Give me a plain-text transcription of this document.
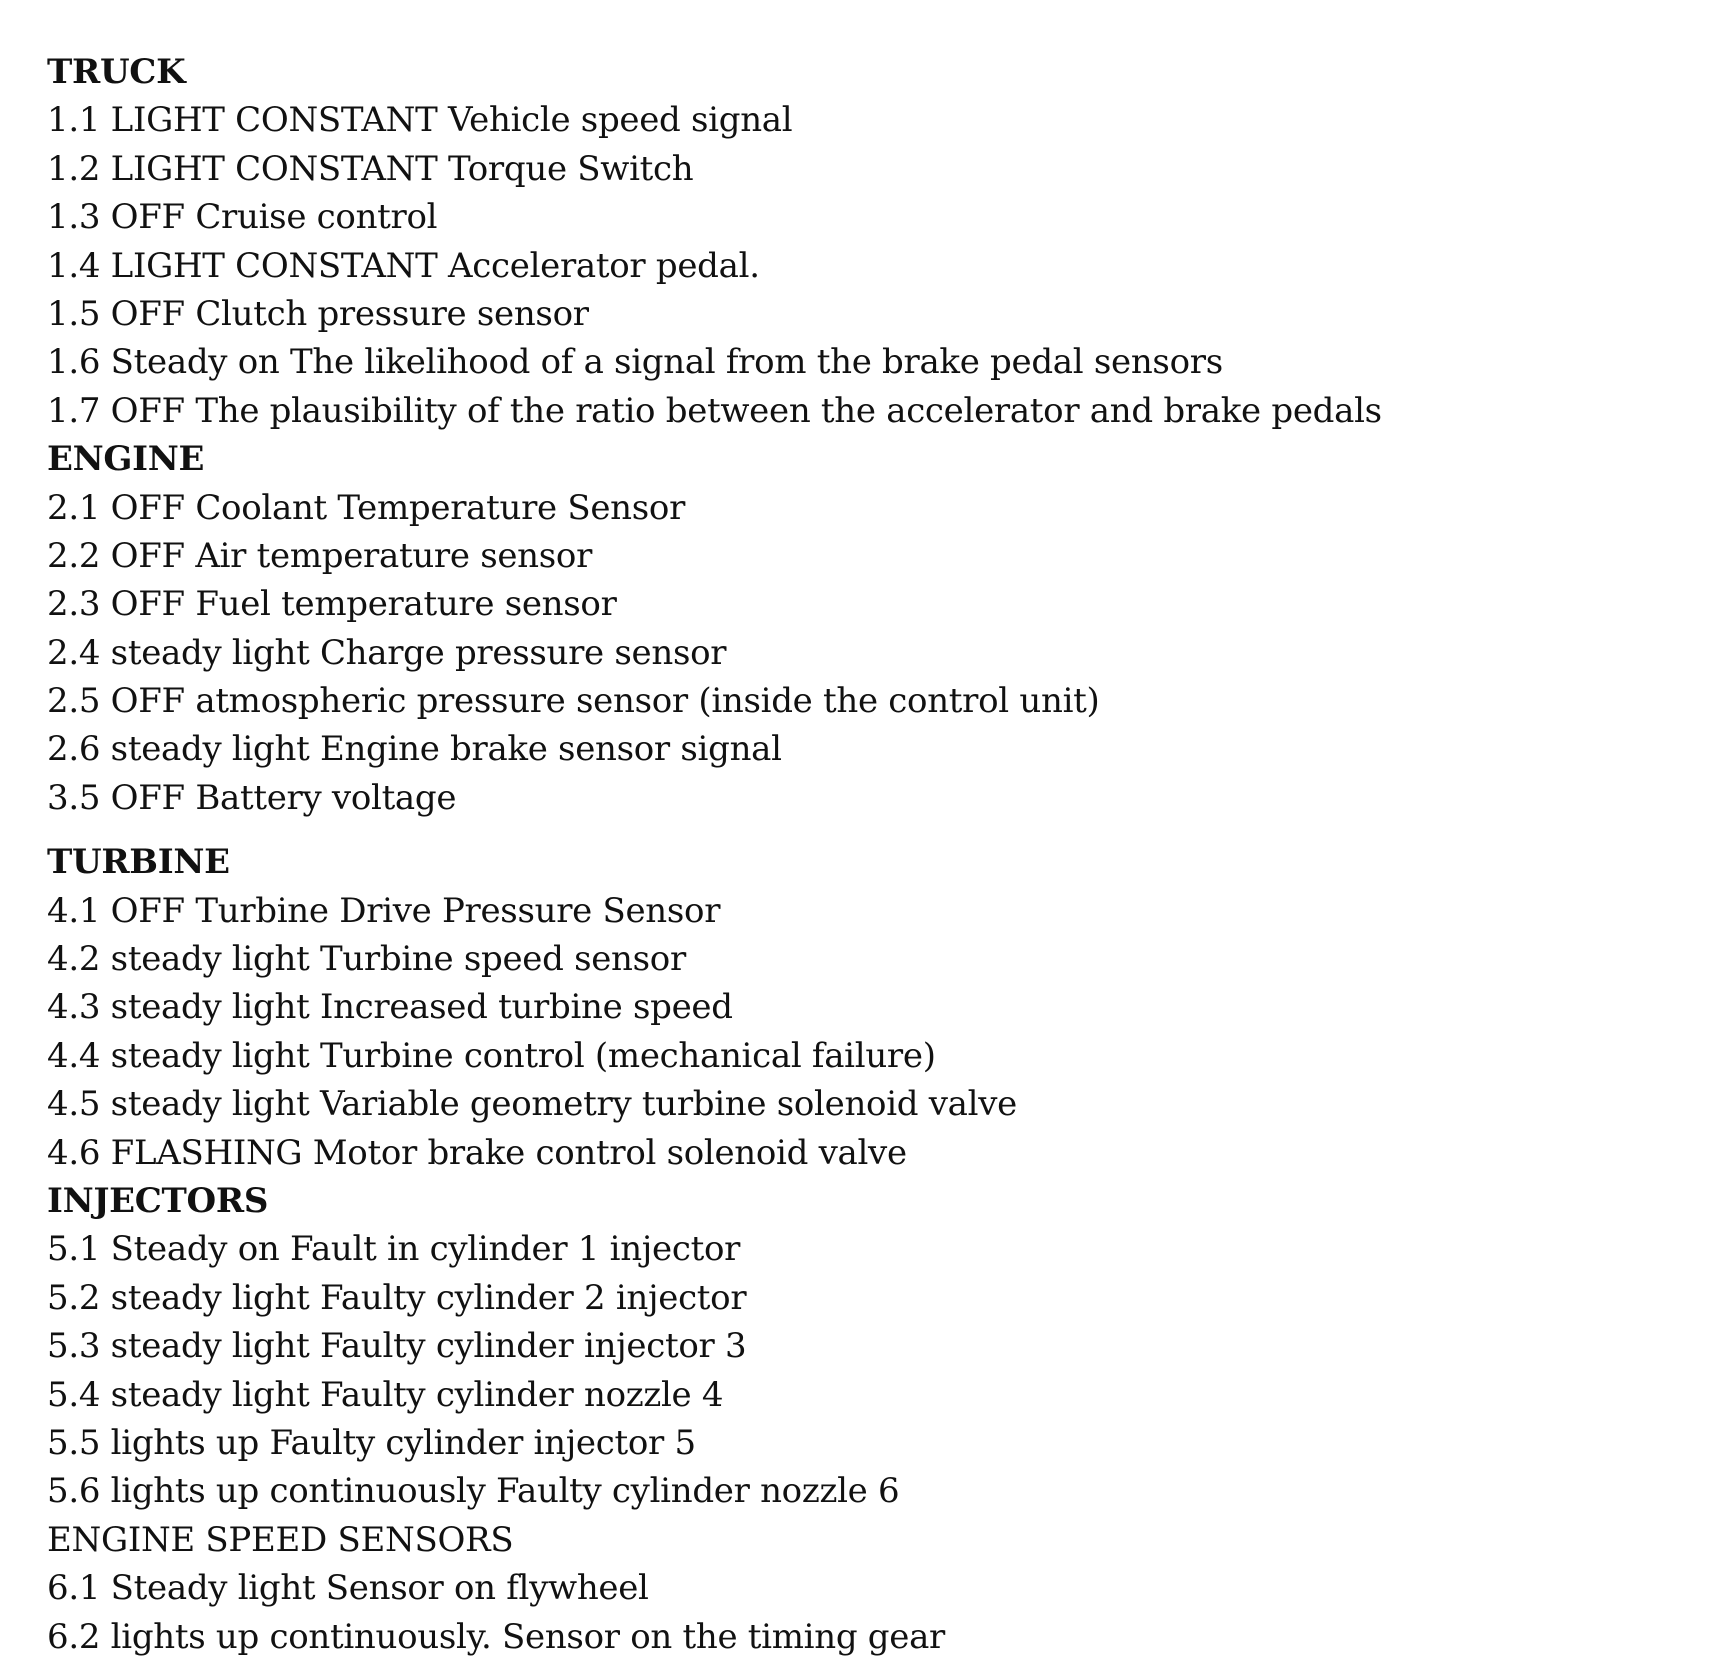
TRUCK
1.1 LIGHT CONSTANT Vehicle speed signal
1.2 LIGHT CONSTANT Torque Switch
1.3 OFF Cruise control
1.4 LIGHT CONSTANT Accelerator pedal.
1.5 OFF Clutch pressure sensor
1.6 Steady on The likelihood of a signal from the brake pedal sensors
1.7 OFF The plausibility of the ratio between the accelerator and brake pedals
ENGINE
2.1 OFF Coolant Temperature Sensor
2.2 OFF Air temperature sensor
2.3 OFF Fuel temperature sensor
2.4 steady light Charge pressure sensor
2.5 OFF atmospheric pressure sensor (inside the control unit)
2.6 steady light Engine brake sensor signal
3.5 OFF Battery voltage
TURBINE
4.1 OFF Turbine Drive Pressure Sensor
4.2 steady light Turbine speed sensor
4.3 steady light Increased turbine speed
4.4 steady light Turbine control (mechanical failure)
4.5 steady light Variable geometry turbine solenoid valve
4.6 FLASHING Motor brake control solenoid valve
INJECTORS
5.1 Steady on Fault in cylinder 1 injector
5.2 steady light Faulty cylinder 2 injector
5.3 steady light Faulty cylinder injector 3
5.4 steady light Faulty cylinder nozzle 4
5.5 lights up Faulty cylinder injector 5
5.6 lights up continuously Faulty cylinder nozzle 6
ENGINE SPEED SENSORS
6.1 Steady light Sensor on flywheel
6.2 lights up continuously. Sensor on the timing gear
